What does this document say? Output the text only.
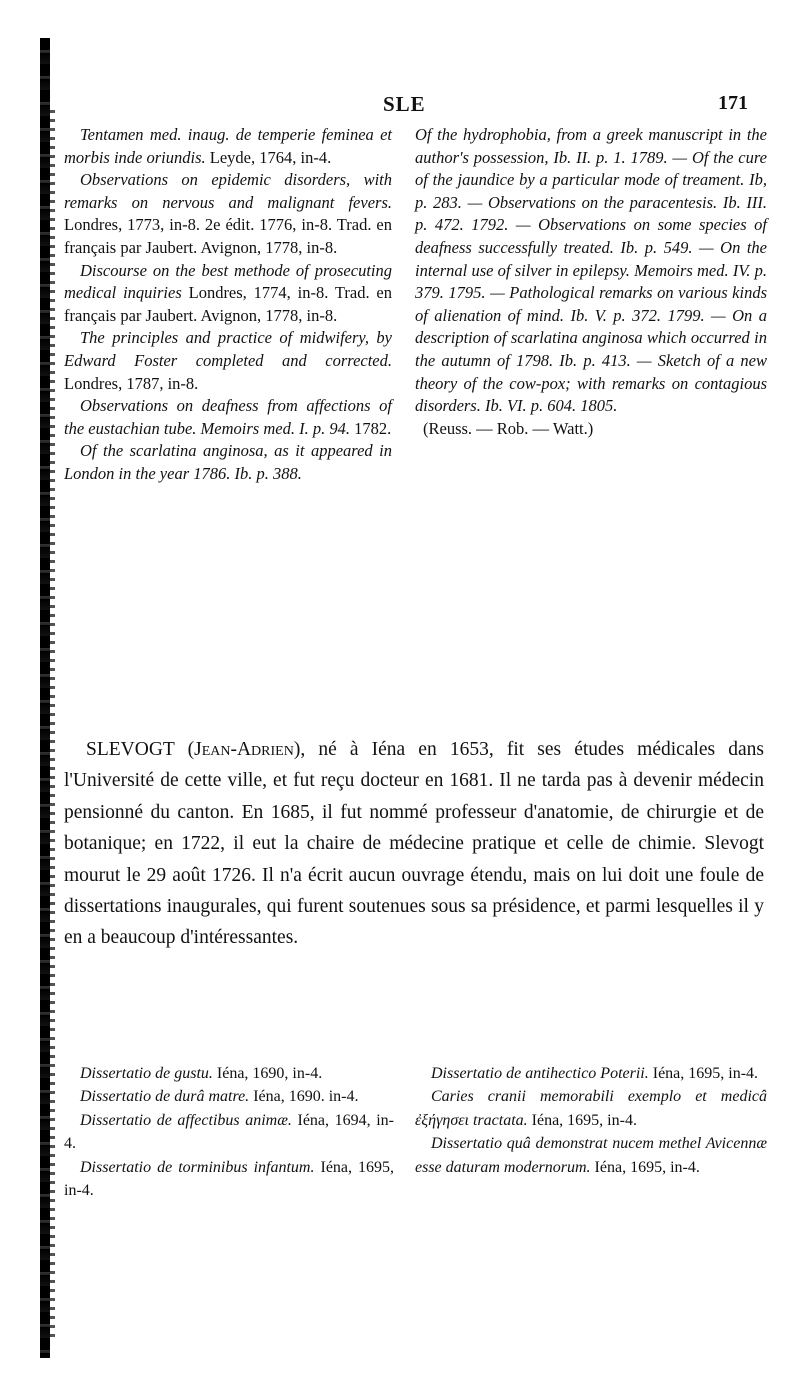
SLE	171

Tentamen med. inaug. de temperie feminea et morbis inde oriundis. Leyde, 1764, in-4.

Observations on epidemic disorders, with remarks on nervous and malignant fevers. Londres, 1773, in-8. 2e édit. 1776, in-8. Trad. en français par Jaubert. Avignon, 1778, in-8.

Discourse on the best methode of prosecuting medical inquiries Londres, 1774, in-8. Trad. en français par Jaubert. Avignon, 1778, in-8.

The principles and practice of midwifery, by Edward Foster completed and corrected. Londres, 1787, in-8.

Observations on deafness from affections of the eustachian tube. Memoirs med. I. p. 94. 1782.

Of the scarlatina anginosa, as it appeared in London in the year 1786. Ib. p. 388.

Of the hydrophobia, from a greek manuscript in the author's possession, Ib. II. p. 1. 1789. — Of the cure of the jaundice by a particular mode of treament. Ib, p. 283. — Observations on the paracentesis. Ib. III. p. 472. 1792. — Observations on some species of deafness successfully treated. Ib. p. 549. — On the internal use of silver in epilepsy. Memoirs med. IV. p. 379. 1795. — Pathological remarks on various kinds of alienation of mind. Ib. V. p. 372. 1799. — On a description of scarlatina anginosa which occurred in the autumn of 1798. Ib. p. 413. — Sketch of a new theory of the cow-pox; with remarks on contagious disorders. Ib. VI. p. 604. 1805.

(Reuss. — Rob. — Watt.)

SLEVOGT (Jean-Adrien), né à Iéna en 1653, fit ses études médicales dans l'Université de cette ville, et fut reçu docteur en 1681. Il ne tarda pas à devenir médecin pensionné du canton. En 1685, il fut nommé professeur d'anatomie, de chirurgie et de botanique; en 1722, il eut la chaire de médecine pratique et celle de chimie. Slevogt mourut le 29 août 1726. Il n'a écrit aucun ouvrage étendu, mais on lui doit une foule de dissertations inaugurales, qui furent soutenues sous sa présidence, et parmi lesquelles il y en a beaucoup d'intéressantes.

Dissertatio de gustu. Iéna, 1690, in-4.

Dissertatio de durâ matre. Iéna, 1690. in-4.

Dissertatio de affectibus animæ. Iéna, 1694, in-4.

Dissertatio de torminibus infantum. Iéna, 1695, in-4.

Dissertatio de antihectico Poterii. Iéna, 1695, in-4.

Caries cranii memorabili exemplo et medicâ ἐξήγησει tractata. Iéna, 1695, in-4.

Dissertatio quâ demonstrat nucem methel Avicennæ esse daturam modernorum. Iéna, 1695, in-4.
